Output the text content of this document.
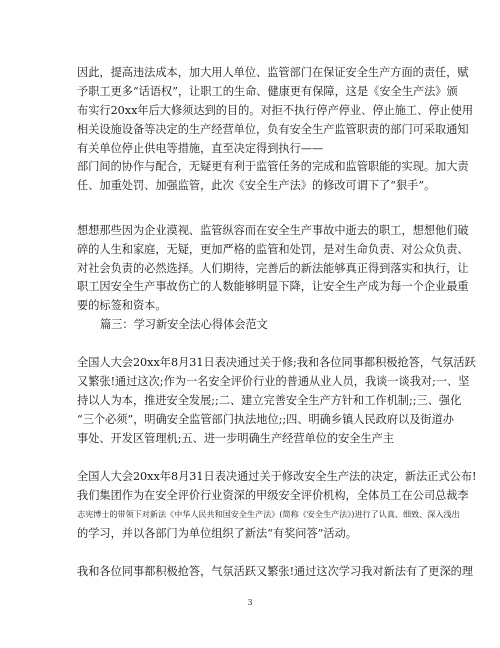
因此，提高违法成本，加大用人单位、监管部门在保证安全生产方面的责任，赋
予职工更多“话语权”，让职工的生命、健康更有保障，这是《安全生产法》颁
布实行20xx年后大修须达到的目的。对拒不执行停产停业、停止施工、停止使用
相关设施设备等决定的生产经营单位，负有安全生产监管职责的部门可采取通知
有关单位停止供电等措施，直至决定得到执行——
部门间的协作与配合，无疑更有利于监管任务的完成和监管职能的实现。加大责
任、加重处罚、加强监管，此次《安全生产法》的修改可谓下了“狠手”。
想想那些因为企业漠视、监管纵容而在安全生产事故中逝去的职工，想想他们破
碎的人生和家庭，无疑，更加严格的监管和处罚，是对生命负责、对公众负责、
对社会负责的必然选择。人们期待，完善后的新法能够真正得到落实和执行，让
职工因安全生产事故伤亡的人数能够明显下降，让安全生产成为每一个企业最重
要的标签和资本。
篇三：学习新安全法心得体会范文
全国人大会20xx年8月31日表决通过关于修;我和各位同事都积极抢答，气氛活跃
又繁张!通过这次;作为一名安全评价行业的普通从业人员，我谈一谈我对;一、坚
持以人为本，推进安全发展;;二、建立完善安全生产方针和工作机制;;三、强化
“三个必须”，明确安全监管部门执法地位;;四、明确乡镇人民政府以及街道办
事处、开发区管理机;五、进一步明确生产经营单位的安全生产主
全国人大会20xx年8月31日表决通过关于修改安全生产法的决定，新法正式公布!
我们集团作为在安全评价行业资深的甲级安全评价机构，全体员工在公司总裁李
志宪博士的带领下对新法《中华人民共和国安全生产法》(简称《安全生产法》)进行了认真、细致、深入浅出
的学习，并以各部门为单位组织了新法“有奖问答”活动。
我和各位同事都积极抢答，气氛活跃又繁张!通过这次学习我对新法有了更深的理
3
